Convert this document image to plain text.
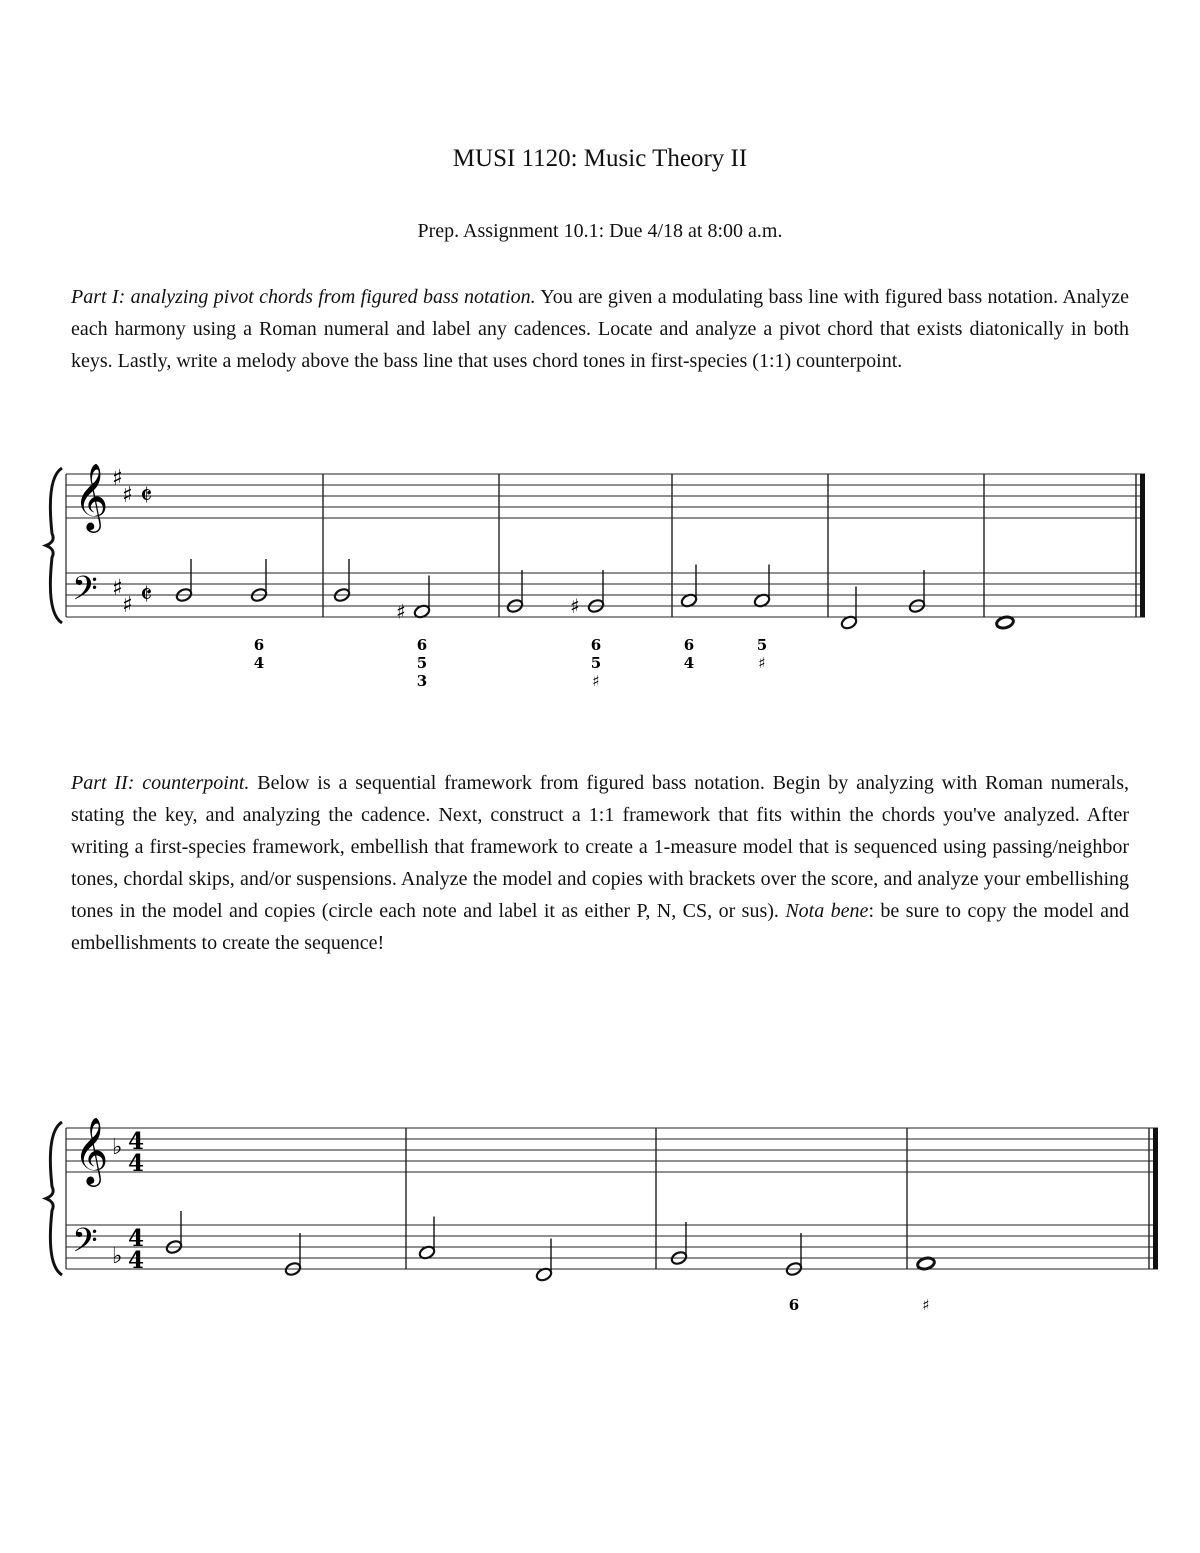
MUSI 1120: Music Theory II
Prep. Assignment 10.1: Due 4/18 at 8:00 a.m.
Part I: analyzing pivot chords from figured bass notation. You are given a modulating bass line with figured bass notation. Analyze each harmony using a Roman numeral and label any cadences. Locate and analyze a pivot chord that exists diatonically in both keys. Lastly, write a melody above the bass line that uses chord tones in first-species (1:1) counterpoint.
𝄞
𝄢
♯
♯
♯
♯
𝄵
𝄵
6
4
♯
6
5
3
♯
6
5
♯
6
4
5
♯
Part II: counterpoint. Below is a sequential framework from figured bass notation. Begin by analyzing with Roman numerals, stating the key, and analyzing the cadence. Next, construct a 1:1 framework that fits within the chords you've analyzed. After writing a first-species framework, embellish that framework to create a 1-measure model that is sequenced using passing/neighbor tones, chordal skips, and/or suspensions. Analyze the model and copies with brackets over the score, and analyze your embellishing tones in the model and copies (circle each note and label it as either P, N, CS, or sus). Nota bene: be sure to copy the model and embellishments to create the sequence!
𝄞
𝄢
♭
♭
4
4
4
4
6	♯
